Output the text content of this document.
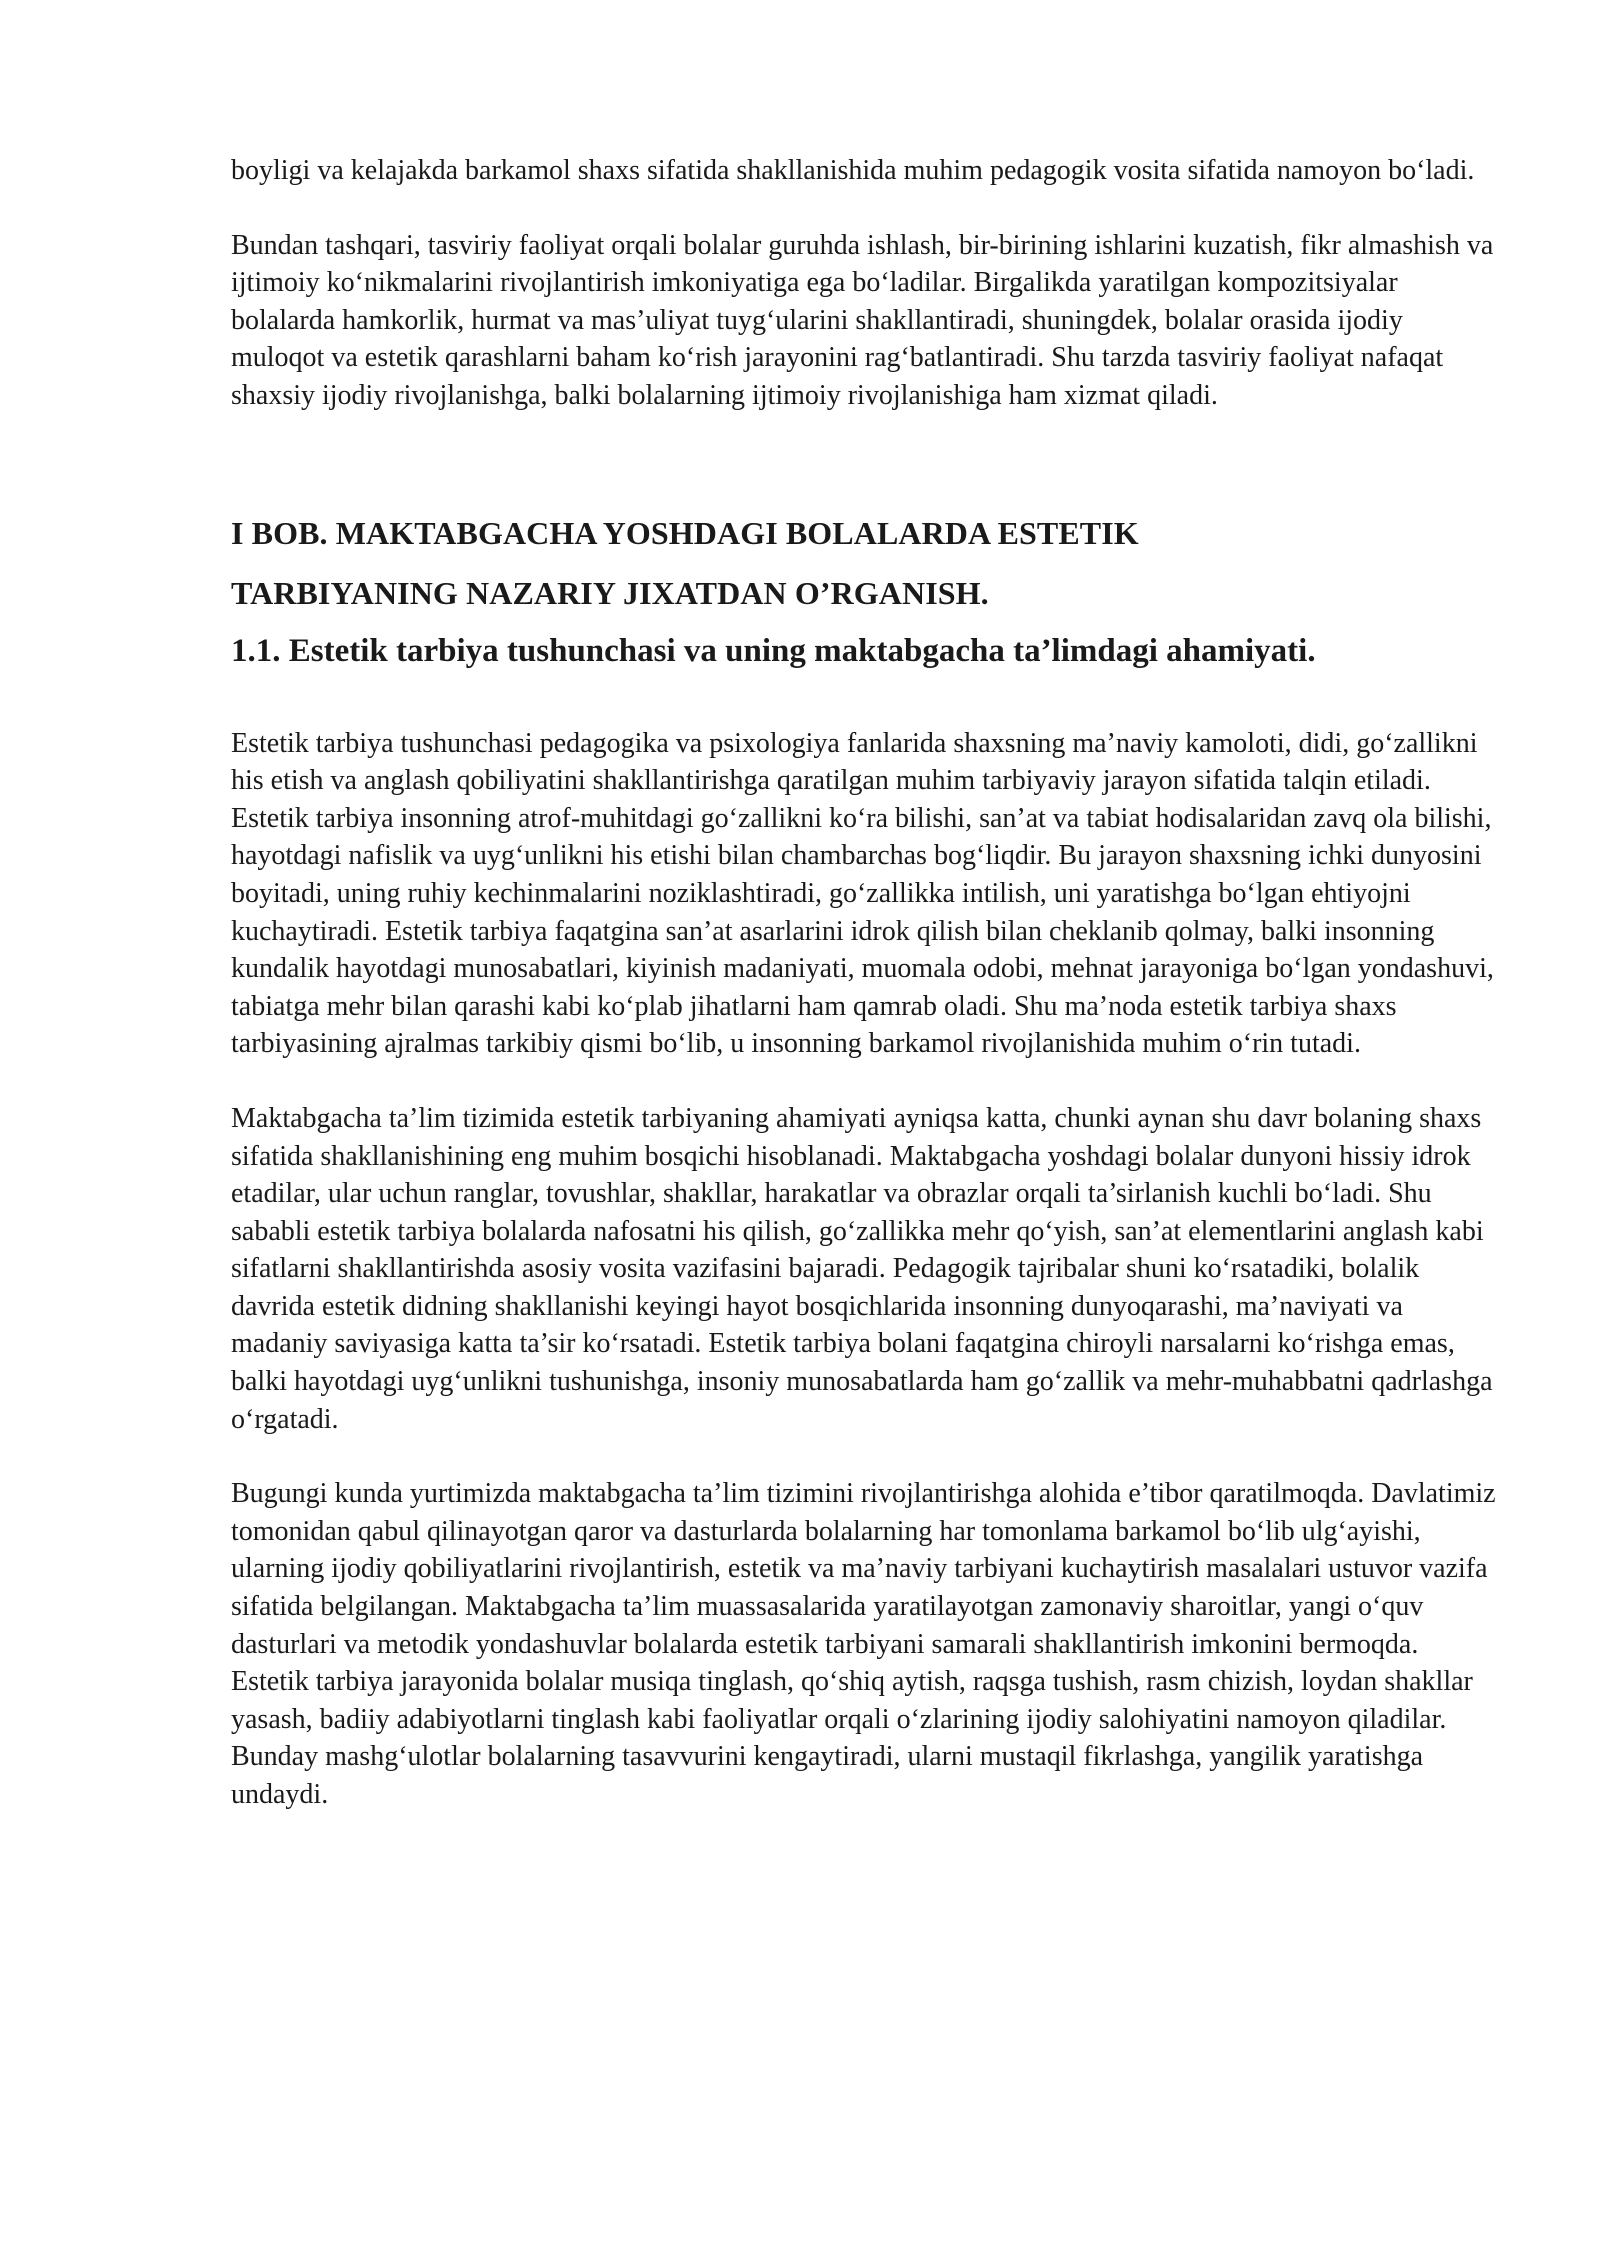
boyligi va kelajakda barkamol shaxs sifatida shakllanishida muhim pedagogik vosita sifatida namoyon bo‘ladi.

Bundan tashqari, tasviriy faoliyat orqali bolalar guruhda ishlash, bir-birining ishlarini kuzatish, fikr almashish va ijtimoiy ko‘nikmalarini rivojlantirish imkoniyatiga ega bo‘ladilar. Birgalikda yaratilgan kompozitsiyalar bolalarda hamkorlik, hurmat va mas’uliyat tuyg‘ularini shakllantiradi, shuningdek, bolalar orasida ijodiy muloqot va estetik qarashlarni baham ko‘rish jarayonini rag‘batlantiradi. Shu tarzda tasviriy faoliyat nafaqat shaxsiy ijodiy rivojlanishga, balki bolalarning ijtimoiy rivojlanishiga ham xizmat qiladi.

I BOB. MAKTABGACHA YOSHDAGI BOLALARDA ESTETIK

TARBIYANING NAZARIY JIXATDAN O’RGANISH.

1.1. Estetik tarbiya tushunchasi va uning maktabgacha ta’limdagi ahamiyati.

Estetik tarbiya tushunchasi pedagogika va psixologiya fanlarida shaxsning ma’naviy kamoloti, didi, go‘zallikni his etish va anglash qobiliyatini shakllantirishga qaratilgan muhim tarbiyaviy jarayon sifatida talqin etiladi. Estetik tarbiya insonning atrof-muhitdagi go‘zallikni ko‘ra bilishi, san’at va tabiat hodisalaridan zavq ola bilishi, hayotdagi nafislik va uyg‘unlikni his etishi bilan chambarchas bog‘liqdir. Bu jarayon shaxsning ichki dunyosini boyitadi, uning ruhiy kechinmalarini noziklashtiradi, go‘zallikka intilish, uni yaratishga bo‘lgan ehtiyojni kuchaytiradi. Estetik tarbiya faqatgina san’at asarlarini idrok qilish bilan cheklanib qolmay, balki insonning kundalik hayotdagi munosabatlari, kiyinish madaniyati, muomala odobi, mehnat jarayoniga bo‘lgan yondashuvi, tabiatga mehr bilan qarashi kabi ko‘plab jihatlarni ham qamrab oladi. Shu ma’noda estetik tarbiya shaxs tarbiyasining ajralmas tarkibiy qismi bo‘lib, u insonning barkamol rivojlanishida muhim o‘rin tutadi.

Maktabgacha ta’lim tizimida estetik tarbiyaning ahamiyati ayniqsa katta, chunki aynan shu davr bolaning shaxs sifatida shakllanishining eng muhim bosqichi hisoblanadi. Maktabgacha yoshdagi bolalar dunyoni hissiy idrok etadilar, ular uchun ranglar, tovushlar, shakllar, harakatlar va obrazlar orqali ta’sirlanish kuchli bo‘ladi. Shu sababli estetik tarbiya bolalarda nafosatni his qilish, go‘zallikka mehr qo‘yish, san’at elementlarini anglash kabi sifatlarni shakllantirishda asosiy vosita vazifasini bajaradi. Pedagogik tajribalar shuni ko‘rsatadiki, bolalik davrida estetik didning shakllanishi keyingi hayot bosqichlarida insonning dunyoqarashi, ma’naviyati va madaniy saviyasiga katta ta’sir ko‘rsatadi. Estetik tarbiya bolani faqatgina chiroyli narsalarni ko‘rishga emas, balki hayotdagi uyg‘unlikni tushunishga, insoniy munosabatlarda ham go‘zallik va mehr-muhabbatni qadrlashga o‘rgatadi.

Bugungi kunda yurtimizda maktabgacha ta’lim tizimini rivojlantirishga alohida e’tibor qaratilmoqda. Davlatimiz tomonidan qabul qilinayotgan qaror va dasturlarda bolalarning har tomonlama barkamol bo‘lib ulg‘ayishi, ularning ijodiy qobiliyatlarini rivojlantirish, estetik va ma’naviy tarbiyani kuchaytirish masalalari ustuvor vazifa sifatida belgilangan. Maktabgacha ta’lim muassasalarida yaratilayotgan zamonaviy sharoitlar, yangi o‘quv dasturlari va metodik yondashuvlar bolalarda estetik tarbiyani samarali shakllantirish imkonini bermoqda. Estetik tarbiya jarayonida bolalar musiqa tinglash, qo‘shiq aytish, raqsga tushish, rasm chizish, loydan shakllar yasash, badiiy adabiyotlarni tinglash kabi faoliyatlar orqali o‘zlarining ijodiy salohiyatini namoyon qiladilar. Bunday mashg‘ulotlar bolalarning tasavvurini kengaytiradi, ularni mustaqil fikrlashga, yangilik yaratishga undaydi.
